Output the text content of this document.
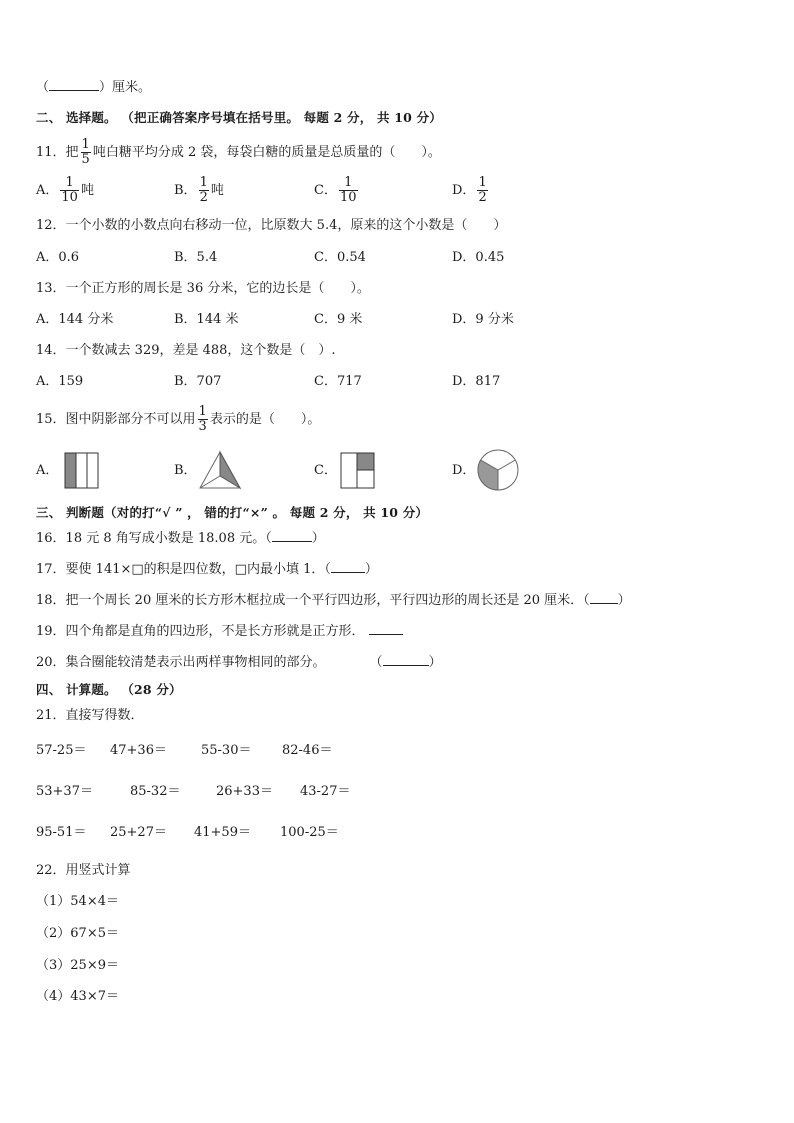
（	）厘米。
二、 选择题。 （把正确答案序号填在括号里。 每题 2 分， 共 10 分）
11．把 $\frac{1}{5}$ 吨白糖平均分成 2 袋，每袋白糖的质量是总质量的（　　）。
A． $\frac{1}{10}$ 吨	B． $\frac{1}{2}$ 吨	C． $\frac{1}{10}$	D． $\frac{1}{2}$
12．一个小数的小数点向右移动一位，比原数大 5.4，原来的这个小数是（　　）
A．0.6	B．5.4	C．0.54	D．0.45
13．一个正方形的周长是 36 分米，它的边长是（　　）。
A．144 分米	B．144 米	C．9 米	D．9 分米
14．一个数减去 329，差是 488，这个数是（　）.
A．159	B．707	C．717	D．817
15．图中阴影部分不可以用 $\frac{1}{3}$ 表示的是（　　）。
A．	B．	C．	D．
三、 判断题（对的打“√ ” ， 错的打“×” 。 每题 2 分， 共 10 分）
16．18 元 8 角写成小数是 18.08 元。（	）
17．要使 141×□的积是四位数，□内最小填 1．（	）
18．把一个周长 20 厘米的长方形木框拉成一个平行四边形，平行四边形的周长还是 20 厘米．（ ）
19．四个角都是直角的四边形，不是长方形就是正方形．
20．集合圈能较清楚表示出两样事物相同的部分。	（	）
四、 计算题。 （28 分）
21．直接写得数．
57-25＝ 47+36＝	55-30＝ 82-46＝
53+37＝	85-32＝	26+33＝ 43-27＝
95-51＝ 25+27＝ 41+59＝ 100-25＝
22．用竖式计算
（1）54×4＝
（2）67×5＝
（3）25×9＝
（4）43×7＝
